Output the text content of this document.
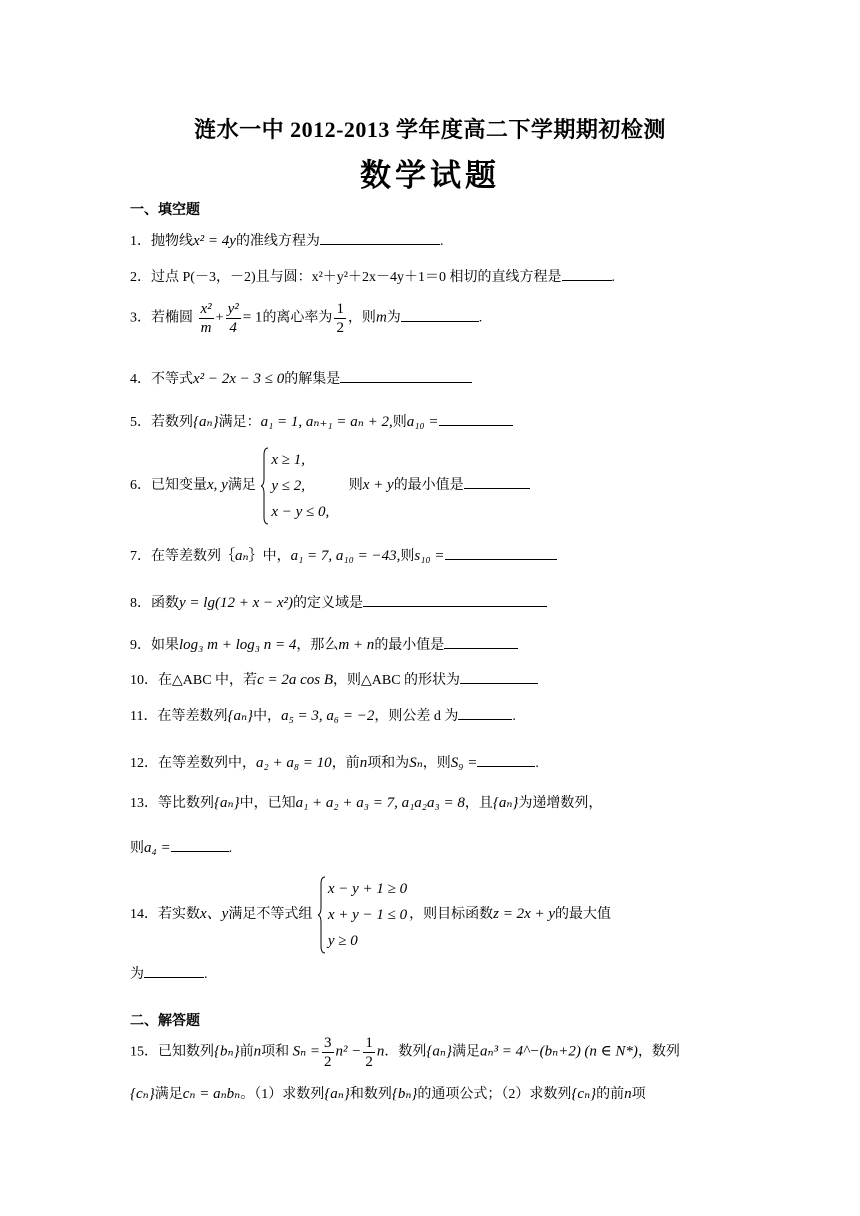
涟水一中 2012-2013 学年度高二下学期期初检测
数学试题
一、填空题
1．抛物线x² = 4y的准线方程为	.
2．过点 P(－3，－2)且与圆：x²＋y²＋2x－4y＋1＝0 相切的直线方程是	.
3．若椭圆 $\frac{\text{x²}}{m} + \frac{\text{y²}}{4} = 1$的离心率为 $\frac{1}{2}$ ，则m为	.
4．不等式x² − 2x − 3 ≤ 0的解集是
5．若数列{aₙ}满足：a₁ = 1, aₙ₊₁ = aₙ + 2,则a₁₀ =
6．已知变量x, y满足
x ≥ 1,
y ≤ 2,
x − y ≤ 0,
则x + y的最小值是
7．在等差数列｛aₙ｝中，a₁ = 7, a₁₀ = −43,则s₁₀ =
8．函数y = lg(12 + x − x²)的定义域是
9．如果log₃ m + log₃ n = 4，那么m + n的最小值是
10．在△ABC 中，若c = 2a cos B，则△ABC 的形状为
11．在等差数列{aₙ}中，a₅ = 3, a₆ = −2，则公差 d 为	.
12．在等差数列中，a₂ + a₈ = 10，前n项和为Sₙ，则S₉ =	.
13．等比数列{aₙ}中，已知a₁ + a₂ + a₃ = 7, a₁a₂a₃ = 8，且{aₙ}为递增数列，
则a₄ =	.
14．若实数x、y满足不等式组
x − y + 1 ≥ 0
x + y − 1 ≤ 0
y ≥ 0
，则目标函数z = 2x + y的最大值
为	.
二、解答题
15．已知数列{bₙ}前n项和 $S_n = \frac{3}{2} n^2 - \frac{1}{2}$ n．数列{aₙ}满足aₙ³ = 4^−(bₙ+2) (n ∈ N*)，数列
{cₙ}满足cₙ = aₙbₙ。（1）求数列{aₙ}和数列{bₙ}的通项公式；（2）求数列{cₙ}的前n项
